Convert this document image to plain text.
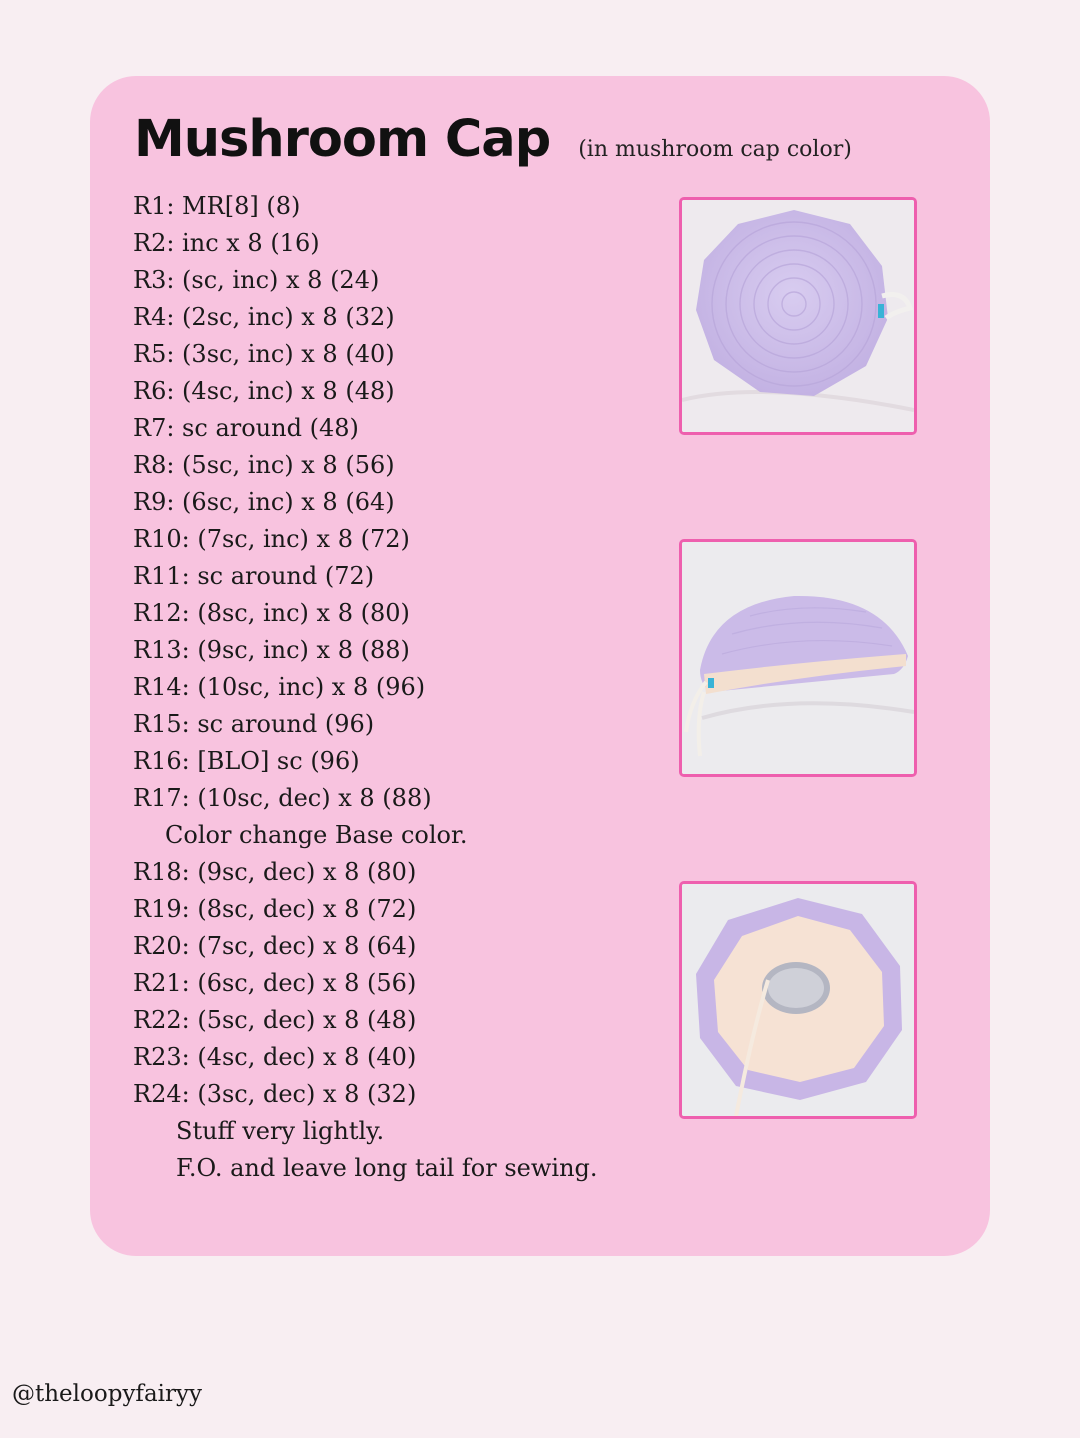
Mushroom Cap (in mushroom cap color)
R1: MR[8] (8)
R2: inc x 8 (16)
R3: (sc, inc) x 8 (24)
R4: (2sc, inc) x 8 (32)
R5: (3sc, inc) x 8 (40)
R6: (4sc, inc) x 8 (48)
R7: sc around (48)
R8: (5sc, inc) x 8 (56)
R9: (6sc, inc) x 8 (64)
R10: (7sc, inc) x 8 (72)
R11: sc around (72)
R12: (8sc, inc) x 8 (80)
R13: (9sc, inc) x 8 (88)
R14: (10sc, inc) x 8 (96)
R15: sc around (96)
R16: [BLO] sc (96)
R17: (10sc, dec) x 8 (88)
Color change Base color.
R18: (9sc, dec) x 8 (80)
R19: (8sc, dec) x 8 (72)
R20: (7sc, dec) x 8 (64)
R21: (6sc, dec) x 8 (56)
R22: (5sc, dec) x 8 (48)
R23: (4sc, dec) x 8 (40)
R24: (3sc, dec) x 8 (32)
Stuff very lightly.
F.O. and leave long tail for sewing.
@theloopyfairyy
